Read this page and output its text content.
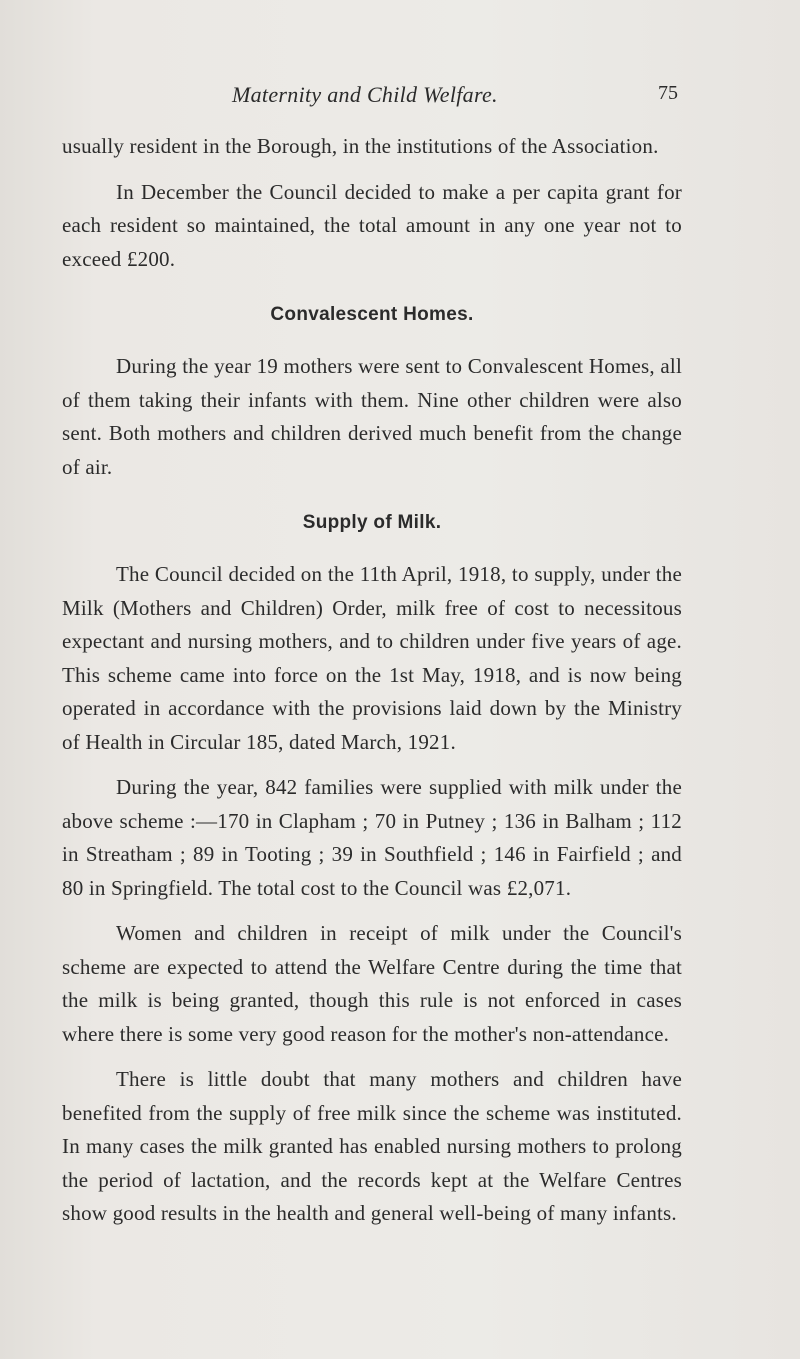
Maternity and Child Welfare.	75

usually resident in the Borough, in the institutions of the Association.

In December the Council decided to make a per capita grant for each resident so maintained, the total amount in any one year not to exceed £200.

Convalescent Homes.

During the year 19 mothers were sent to Convalescent Homes, all of them taking their infants with them. Nine other children were also sent. Both mothers and children derived much benefit from the change of air.

Supply of Milk.

The Council decided on the 11th April, 1918, to supply, under the Milk (Mothers and Children) Order, milk free of cost to necessitous expectant and nursing mothers, and to children under five years of age. This scheme came into force on the 1st May, 1918, and is now being operated in accordance with the provisions laid down by the Ministry of Health in Circular 185, dated March, 1921.

During the year, 842 families were supplied with milk under the above scheme :—170 in Clapham ; 70 in Putney ; 136 in Balham ; 112 in Streatham ; 89 in Tooting ; 39 in Southfield ; 146 in Fairfield ; and 80 in Springfield. The total cost to the Council was £2,071.

Women and children in receipt of milk under the Council's scheme are expected to attend the Welfare Centre during the time that the milk is being granted, though this rule is not enforced in cases where there is some very good reason for the mother's non-attendance.

There is little doubt that many mothers and children have benefited from the supply of free milk since the scheme was instituted. In many cases the milk granted has enabled nursing mothers to prolong the period of lactation, and the records kept at the Welfare Centres show good results in the health and general well-being of many infants.
